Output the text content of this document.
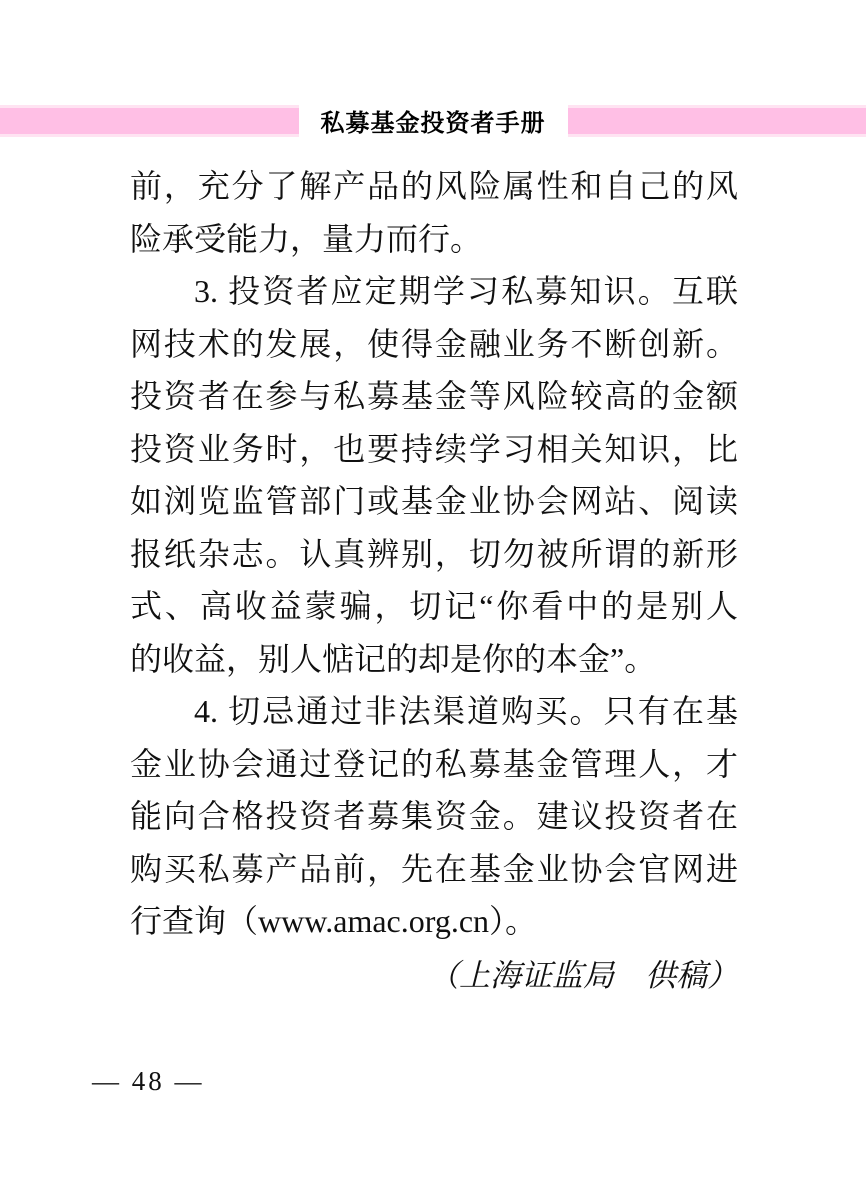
私募基金投资者手册
前，充分了解产品的风险属性和自己的风
险承受能力，量力而行。
3. 投资者应定期学习私募知识。互联
网技术的发展，使得金融业务不断创新。
投资者在参与私募基金等风险较高的金额
投资业务时，也要持续学习相关知识，比
如浏览监管部门或基金业协会网站、阅读
报纸杂志。认真辨别，切勿被所谓的新形
式、高收益蒙骗，切记“你看中的是别人
的收益，别人惦记的却是你的本金”。
4. 切忌通过非法渠道购买。只有在基
金业协会通过登记的私募基金管理人，才
能向合格投资者募集资金。建议投资者在
购买私募产品前，先在基金业协会官网进
行查询（www.amac.org.cn）。
（上海证监局　供稿）
— 48 —
